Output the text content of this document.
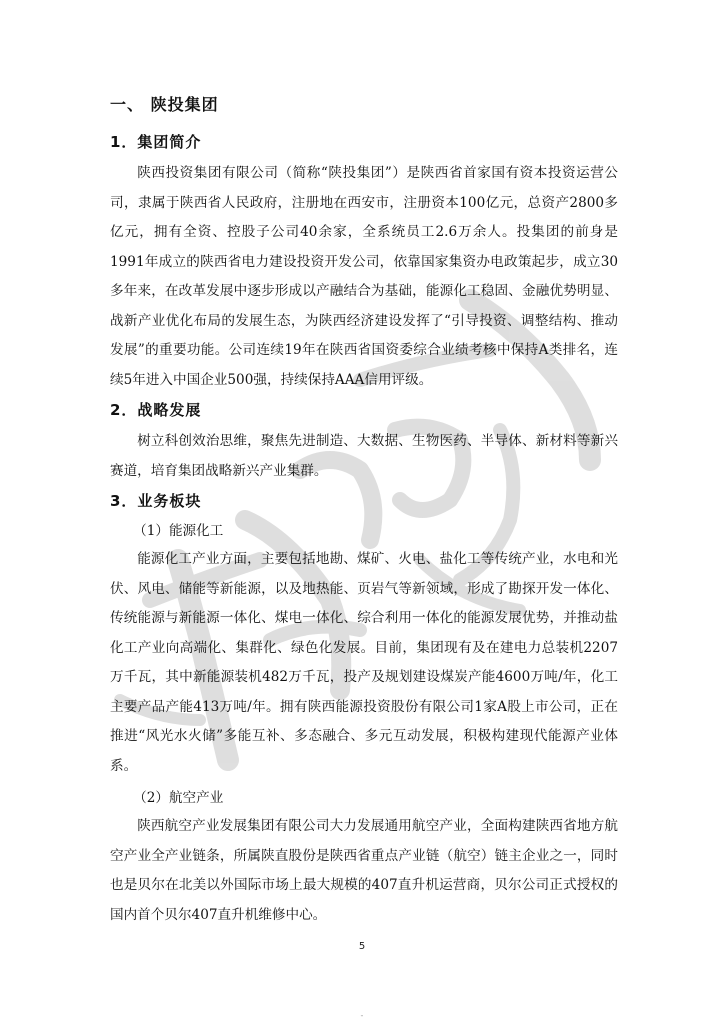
一、 陕投集团
1．集团简介

陕西投资集团有限公司（简称“陕投集团”）是陕西省首家国有资本投资运营公司，隶属于陕西省人民政府，注册地在西安市，注册资本100亿元，总资产2800多亿元，拥有全资、控股子公司40余家，全系统员工2.6万余人。投集团的前身是1991年成立的陕西省电力建设投资开发公司，依靠国家集资办电政策起步，成立30多年来，在改革发展中逐步形成以产融结合为基础，能源化工稳固、金融优势明显、战新产业优化布局的发展生态，为陕西经济建设发挥了“引导投资、调整结构、推动发展”的重要功能。公司连续19年在陕西省国资委综合业绩考核中保持A类排名，连续5年进入中国企业500强，持续保持AAA信用评级。

2．战略发展

树立科创效治思维，聚焦先进制造、大数据、生物医药、半导体、新材料等新兴赛道，培育集团战略新兴产业集群。

3．业务板块
（1）能源化工

能源化工产业方面，主要包括地勘、煤矿、火电、盐化工等传统产业，水电和光伏、风电、储能等新能源，以及地热能、页岩气等新领域，形成了勘探开发一体化、传统能源与新能源一体化、煤电一体化、综合利用一体化的能源发展优势，并推动盐化工产业向高端化、集群化、绿色化发展。目前，集团现有及在建电力总装机2207万千瓦，其中新能源装机482万千瓦，投产及规划建设煤炭产能4600万吨/年，化工主要产品产能413万吨/年。拥有陕西能源投资股份有限公司1家A股上市公司，正在推进“风光水火储”多能互补、多态融合、多元互动发展，积极构建现代能源产业体系。

（2）航空产业

陕西航空产业发展集团有限公司大力发展通用航空产业，全面构建陕西省地方航空产业全产业链条，所属陕直股份是陕西省重点产业链（航空）链主企业之一，同时也是贝尔在北美以外国际市场上最大规模的407直升机运营商，贝尔公司正式授权的国内首个贝尔407直升机维修中心。

5
-
